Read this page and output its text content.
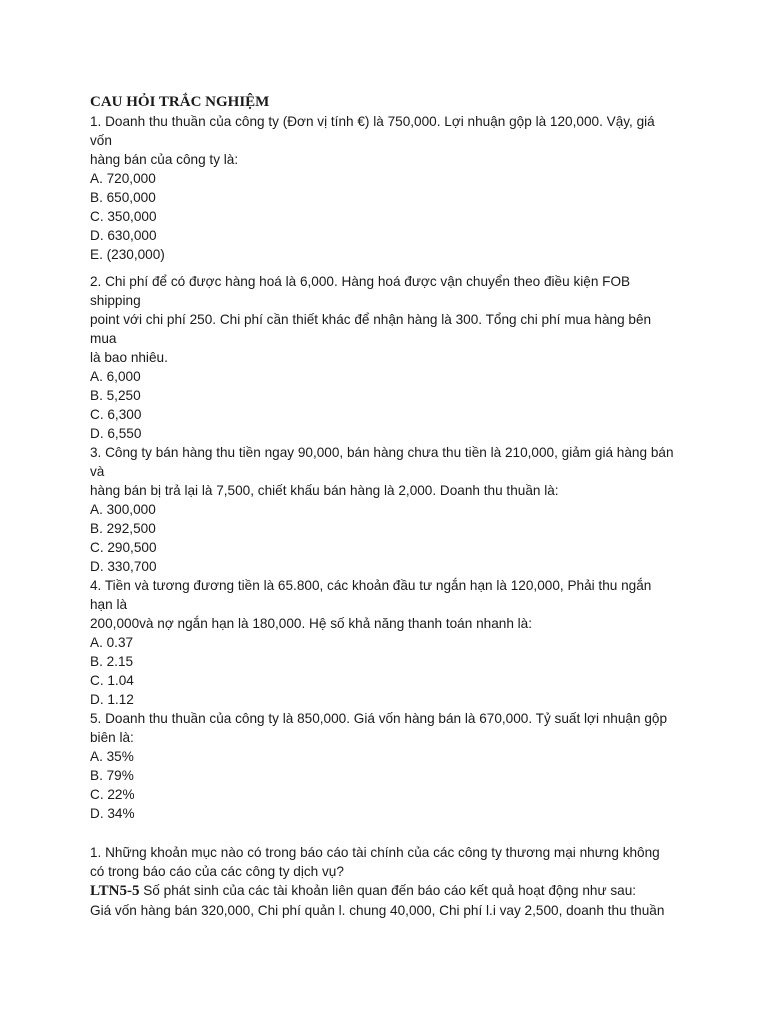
CAU HỎI TRẮC NGHIỆM

1. Doanh thu thuần của công ty (Đơn vị tính €) là 750,000. Lợi nhuận gộp là 120,000. Vậy, giá

vốn

hàng bán của công ty là:

A. 720,000

B. 650,000

C. 350,000

D. 630,000

E. (230,000)

2. Chi phí để có được hàng hoá là 6,000. Hàng hoá được vận chuyển theo điều kiện FOB

shipping

point với chi phí 250. Chi phí cần thiết khác để nhận hàng là 300. Tổng chi phí mua hàng bên

mua

là bao nhiêu.

A. 6,000

B. 5,250

C. 6,300

D. 6,550

3. Công ty bán hàng thu tiền ngay 90,000, bán hàng chưa thu tiền là 210,000, giảm giá hàng bán

và

hàng bán bị trả lại là 7,500, chiết khấu bán hàng là 2,000. Doanh thu thuần là:

A. 300,000

B. 292,500

C. 290,500

D. 330,700

4. Tiền và tương đương tiền là 65.800, các khoản đầu tư ngắn hạn là 120,000, Phải thu ngắn

hạn là

200,000và nợ ngắn hạn là 180,000. Hệ số khả năng thanh toán nhanh là:

A. 0.37

B. 2.15

C. 1.04

D. 1.12

5. Doanh thu thuần của công ty là 850,000. Giá vốn hàng bán là 670,000. Tỷ suất lợi nhuận gộp

biên là:

A. 35%

B. 79%

C. 22%

D. 34%

1. Những khoản mục nào có trong báo cáo tài chính của các công ty thương mại nhưng không

có trong báo cáo của các công ty dịch vụ?

LTN5-5 Số phát sinh của các tài khoản liên quan đến báo cáo kết quả hoạt động như sau:

Giá vốn hàng bán 320,000, Chi phí quản l. chung 40,000, Chi phí l.i vay 2,500, doanh thu thuần
